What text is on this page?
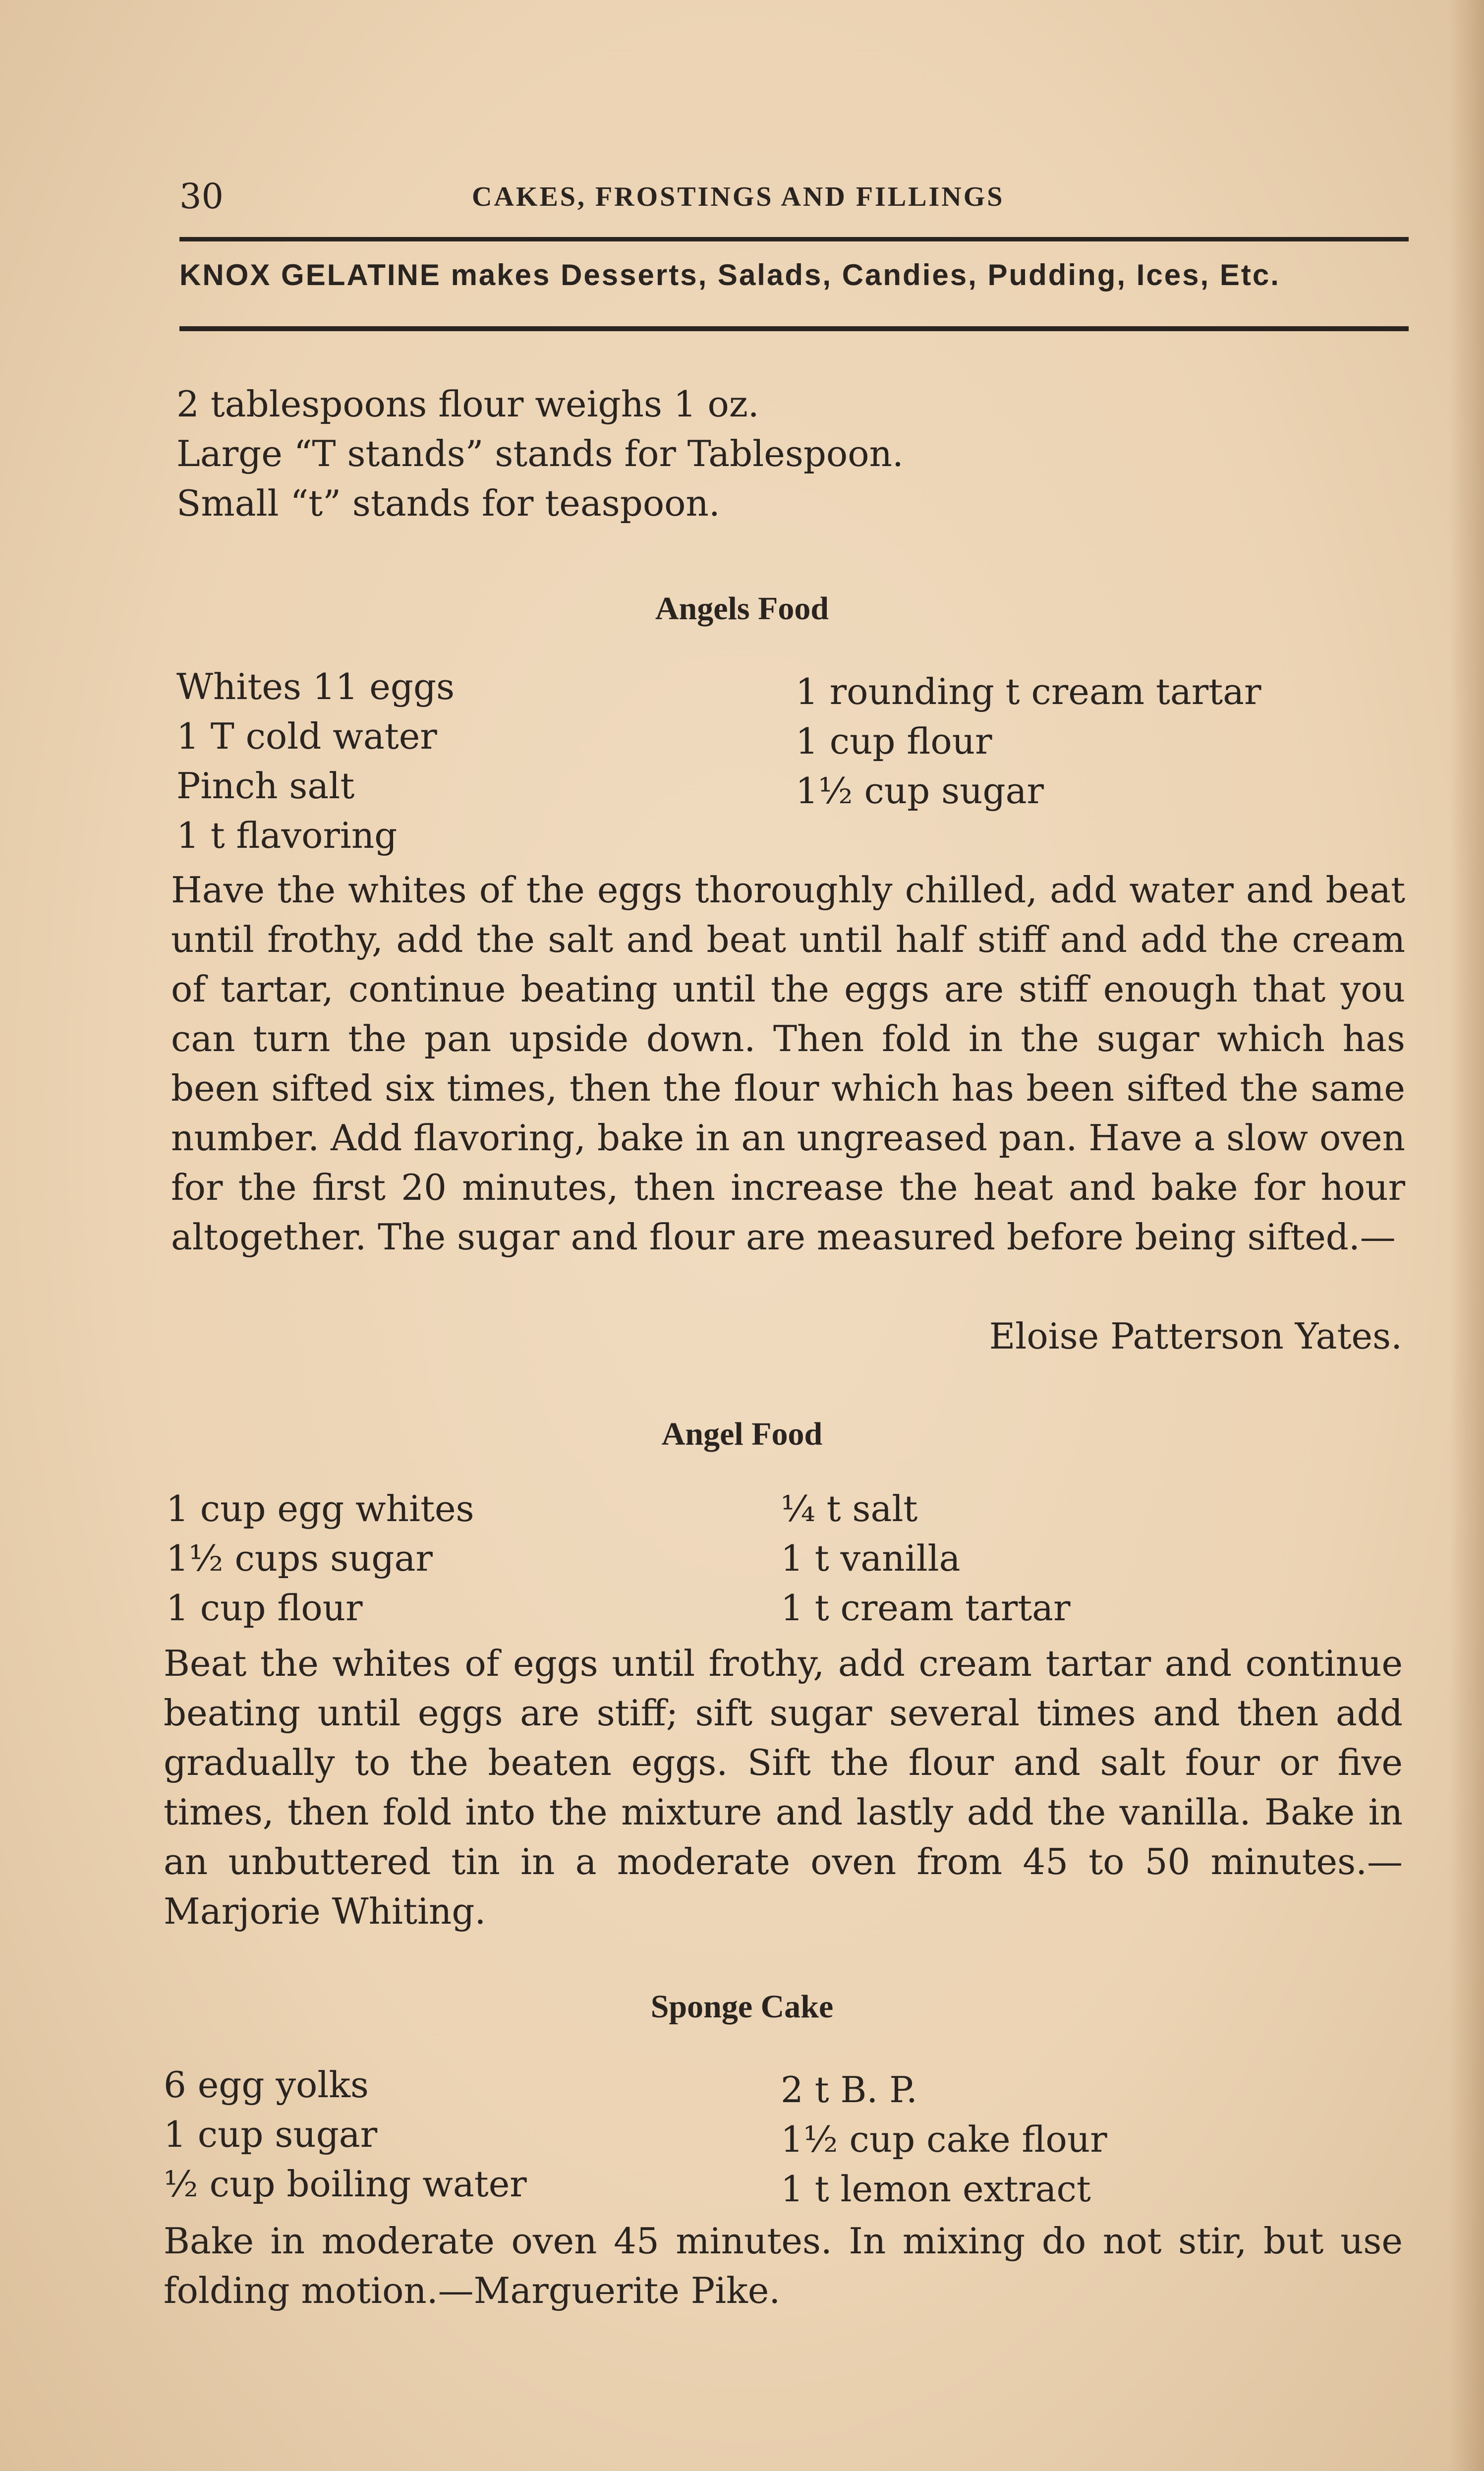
30	CAKES, FROSTINGS AND FILLINGS
KNOX GELATINE makes Desserts, Salads, Candies, Pudding, Ices, Etc.
2 tablespoons flour weighs 1 oz.
Large “T stands” stands for Tablespoon.
Small “t” stands for teaspoon.
Angels Food
Whites 11 eggs
1 T cold water
Pinch salt
1 t flavoring
1 rounding t cream tartar
1 cup flour
1½ cup sugar
Have the whites of the eggs thoroughly chilled, add water and beat until frothy, add the salt and beat until half stiff and add the cream of tartar, continue beating until the eggs are stiff enough that you can turn the pan upside down. Then fold in the sugar which has been sifted six times, then the flour which has been sifted the same number. Add flavoring, bake in an ungreased pan. Have a slow oven for the first 20 minutes, then increase the heat and bake for hour altogether. The sugar and flour are measured before being sifted.—
Eloise Patterson Yates.
Angel Food
1 cup egg whites
1½ cups sugar
1 cup flour
¼ t salt
1 t vanilla
1 t cream tartar
Beat the whites of eggs until frothy, add cream tartar and continue beating until eggs are stiff; sift sugar several times and then add gradually to the beaten eggs. Sift the flour and salt four or five times, then fold into the mixture and lastly add the vanilla. Bake in an unbuttered tin in a moderate oven from 45 to 50 minutes.—Marjorie Whiting.
Sponge Cake
6 egg yolks
1 cup sugar
½ cup boiling water
2 t B. P.
1½ cup cake flour
1 t lemon extract
Bake in moderate oven 45 minutes. In mixing do not stir, but use folding motion.—Marguerite Pike.
